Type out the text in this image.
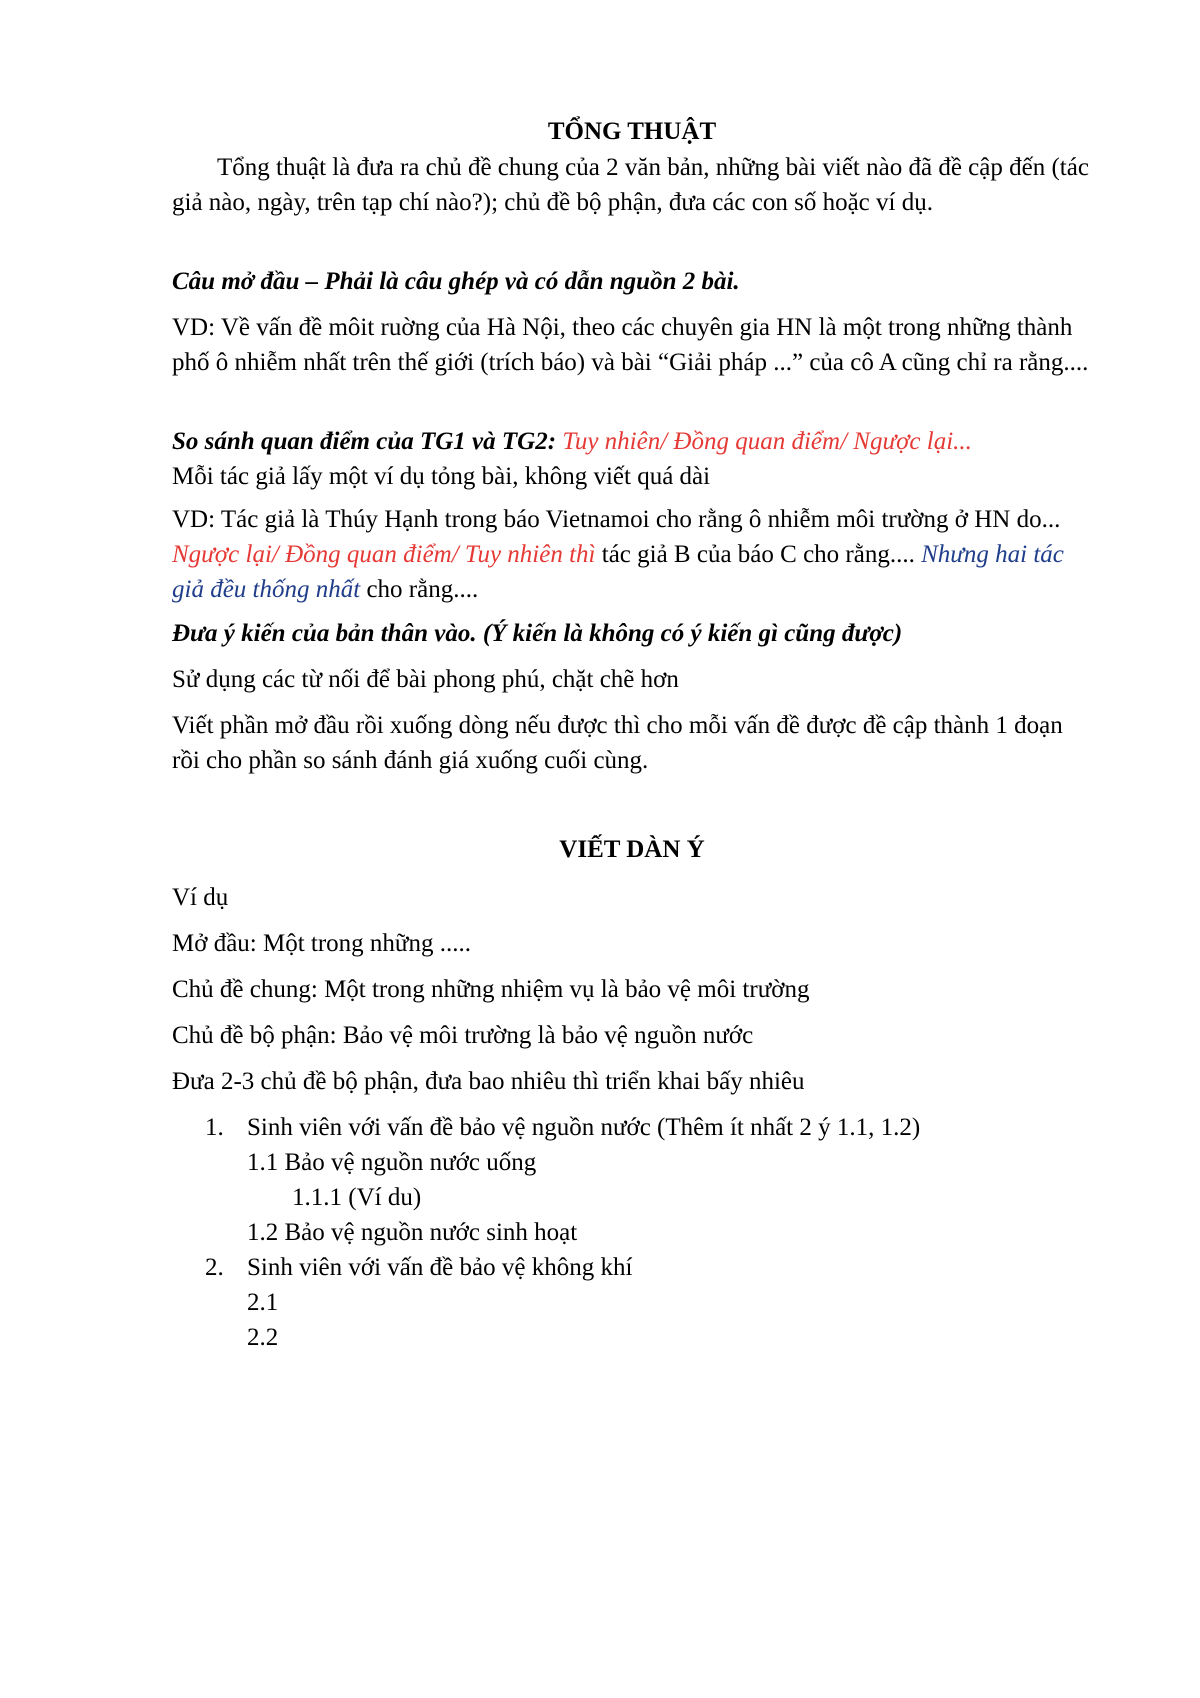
TỔNG THUẬT
Tổng thuật là đưa ra chủ đề chung của 2 văn bản, những bài viết nào đã đề cập đến (tác giả nào, ngày, trên tạp chí nào?); chủ đề bộ phận, đưa các con số hoặc ví dụ.
Câu mở đầu – Phải là câu ghép và có dẫn nguồn 2 bài.
VD: Về vấn đề môit ruờng của Hà Nội, theo các chuyên gia HN là một trong những thành phố ô nhiễm nhất trên thế giới (trích báo) và bài “Giải pháp ...” của cô A cũng chỉ ra rằng....
So sánh quan điểm của TG1 và TG2: Tuy nhiên/ Đồng quan điểm/ Ngược lại...
Mỗi tác giả lấy một ví dụ tỏng bài, không viết quá dài
VD: Tác giả là Thúy Hạnh trong báo Vietnamoi cho rằng ô nhiễm môi trường ở HN do... Ngược lại/ Đồng quan điểm/ Tuy nhiên thì tác giả B của báo C cho rằng.... Nhưng hai tác giả đều thống nhất cho rằng....
Đưa ý kiến của bản thân vào. (Ý kiến là không có ý kiến gì cũng được)
Sử dụng các từ nối để bài phong phú, chặt chẽ hơn
Viết phần mở đầu rồi xuống dòng nếu được thì cho mỗi vấn đề được đề cập thành 1 đoạn rồi cho phần so sánh đánh giá xuống cuối cùng.
VIẾT DÀN Ý
Ví dụ
Mở đầu: Một trong những .....
Chủ đề chung: Một trong những nhiệm vụ là bảo vệ môi trường
Chủ đề bộ phận: Bảo vệ môi trường là bảo vệ nguồn nước
Đưa 2-3 chủ đề bộ phận, đưa bao nhiêu thì triển khai bấy nhiêu
1. Sinh viên với vấn đề bảo vệ nguồn nước (Thêm ít nhất 2 ý 1.1, 1.2)
1.1 Bảo vệ nguồn nước uống
1.1.1 (Ví du)
1.2 Bảo vệ nguồn nước sinh hoạt
2. Sinh viên với vấn đề bảo vệ không khí
2.1
2.2
